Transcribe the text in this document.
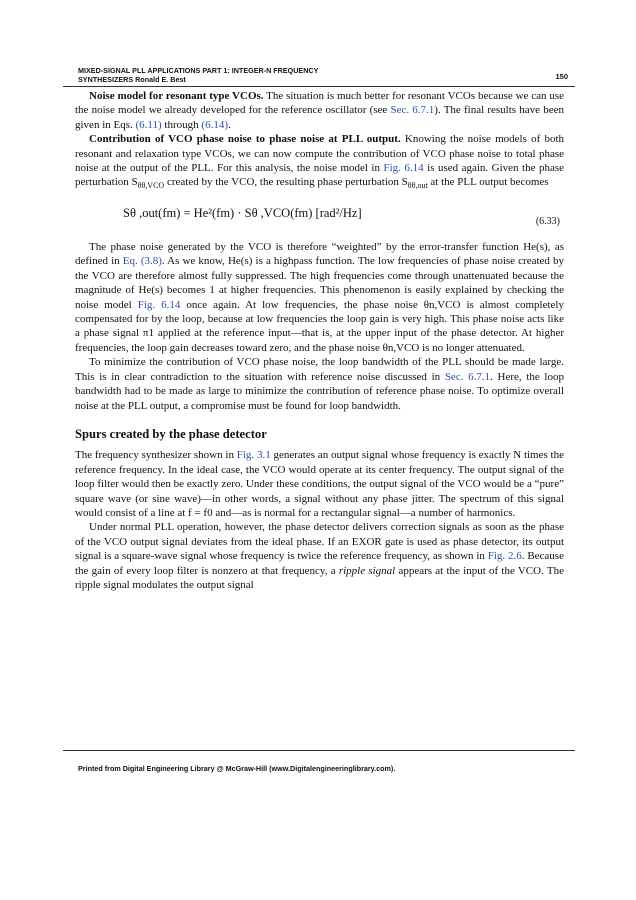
MIXED-SIGNAL PLL APPLICATIONS PART 1: INTEGER-N FREQUENCY
SYNTHESIZERS Ronald E. Best	150

Noise model for resonant type VCOs. The situation is much better for resonant VCOs because we can use the noise model we already developed for the reference oscillator (see Sec. 6.7.1). The final results have been given in Eqs. (6.11) through (6.14).

Contribution of VCO phase noise to phase noise at PLL output. Knowing the noise models of both resonant and relaxation type VCOs, we can now compute the contribution of VCO phase noise to total phase noise at the output of the PLL. For this analysis, the noise model in Fig. 6.14 is used again. Given the phase perturbation $S_{\theta\theta,VCO}$ created by the VCO, the resulting phase perturbation $S_{\theta\theta,out}$ at the PLL output becomes

Sθ ,out(fm) = He²(fm) · Sθ ,VCO(fm) [rad²/Hz]
(6.33)

The phase noise generated by the VCO is therefore “weighted” by the error-transfer function He(s), as defined in Eq. (3.8). As we know, He(s) is a highpass function. The low frequencies of phase noise created by the VCO are therefore almost fully suppressed. The high frequencies come through unattenuated because the magnitude of He(s) becomes 1 at higher frequencies. This phenomenon is easily explained by checking the noise model Fig. 6.14 once again. At low frequencies, the phase noise θn,VCO is almost completely compensated for by the loop, because at low frequencies the loop gain is very high. This phase noise acts like a phase signal π1 applied at the reference input—that is, at the upper input of the phase detector. At higher frequencies, the loop gain decreases toward zero, and the phase noise θn,VCO is no longer attenuated.

To minimize the contribution of VCO phase noise, the loop bandwidth of the PLL should be made large. This is in clear contradiction to the situation with reference noise discussed in Sec. 6.7.1. Here, the loop bandwidth had to be made as large to minimize the contribution of reference phase noise. To optimize overall noise at the PLL output, a compromise must be found for loop bandwidth.

Spurs created by the phase detector

The frequency synthesizer shown in Fig. 3.1 generates an output signal whose frequency is exactly N times the reference frequency. In the ideal case, the VCO would operate at its center frequency. The output signal of the loop filter would then be exactly zero. Under these conditions, the output signal of the VCO would be a “pure” square wave (or sine wave)—in other words, a signal without any phase jitter. The spectrum of this signal would consist of a line at f = f0 and—as is normal for a rectangular signal—a number of harmonics.

Under normal PLL operation, however, the phase detector delivers correction signals as soon as the phase of the VCO output signal deviates from the ideal phase. If an EXOR gate is used as phase detector, its output signal is a square-wave signal whose frequency is twice the reference frequency, as shown in Fig. 2.6. Because the gain of every loop filter is nonzero at that frequency, a ripple signal appears at the input of the VCO. The ripple signal modulates the output signal

Printed from Digital Engineering Library @ McGraw-Hill (www.Digitalengineeringlibrary.com).
